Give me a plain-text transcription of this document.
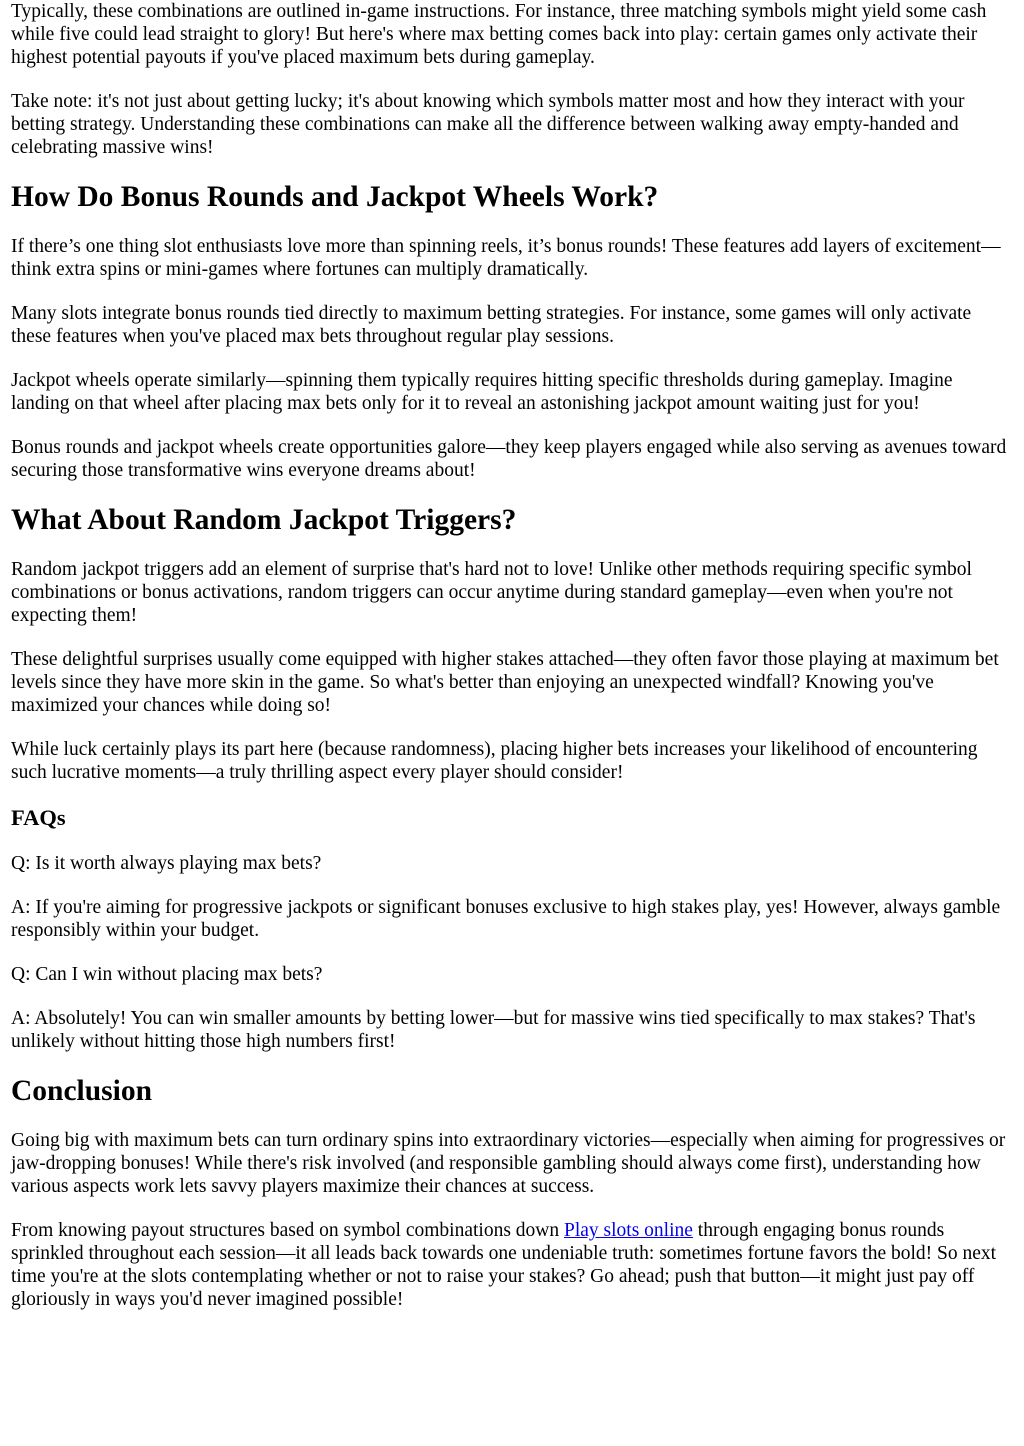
Typically, these combinations are outlined in-game instructions. For instance, three matching symbols might yield some cash while five could lead straight to glory! But here's where max betting comes back into play: certain games only activate their highest potential payouts if you've placed maximum bets during gameplay.

Take note: it's not just about getting lucky; it's about knowing which symbols matter most and how they interact with your betting strategy. Understanding these combinations can make all the difference between walking away empty-handed and celebrating massive wins!

How Do Bonus Rounds and Jackpot Wheels Work?

If there’s one thing slot enthusiasts love more than spinning reels, it’s bonus rounds! These features add layers of excitement—think extra spins or mini-games where fortunes can multiply dramatically.

Many slots integrate bonus rounds tied directly to maximum betting strategies. For instance, some games will only activate these features when you've placed max bets throughout regular play sessions.

Jackpot wheels operate similarly—spinning them typically requires hitting specific thresholds during gameplay. Imagine landing on that wheel after placing max bets only for it to reveal an astonishing jackpot amount waiting just for you!

Bonus rounds and jackpot wheels create opportunities galore—they keep players engaged while also serving as avenues toward securing those transformative wins everyone dreams about!

What About Random Jackpot Triggers?

Random jackpot triggers add an element of surprise that's hard not to love! Unlike other methods requiring specific symbol combinations or bonus activations, random triggers can occur anytime during standard gameplay—even when you're not expecting them!

These delightful surprises usually come equipped with higher stakes attached—they often favor those playing at maximum bet levels since they have more skin in the game. So what's better than enjoying an unexpected windfall? Knowing you've maximized your chances while doing so!

While luck certainly plays its part here (because randomness), placing higher bets increases your likelihood of encountering such lucrative moments—a truly thrilling aspect every player should consider!

FAQs

Q: Is it worth always playing max bets?

A: If you're aiming for progressive jackpots or significant bonuses exclusive to high stakes play, yes! However, always gamble responsibly within your budget.

Q: Can I win without placing max bets?

A: Absolutely! You can win smaller amounts by betting lower—but for massive wins tied specifically to max stakes? That's unlikely without hitting those high numbers first!

Conclusion

Going big with maximum bets can turn ordinary spins into extraordinary victories—especially when aiming for progressives or jaw-dropping bonuses! While there's risk involved (and responsible gambling should always come first), understanding how various aspects work lets savvy players maximize their chances at success.

From knowing payout structures based on symbol combinations down Play slots online through engaging bonus rounds sprinkled throughout each session—it all leads back towards one undeniable truth: sometimes fortune favors the bold! So next time you're at the slots contemplating whether or not to raise your stakes? Go ahead; push that button—it might just pay off gloriously in ways you'd never imagined possible!
